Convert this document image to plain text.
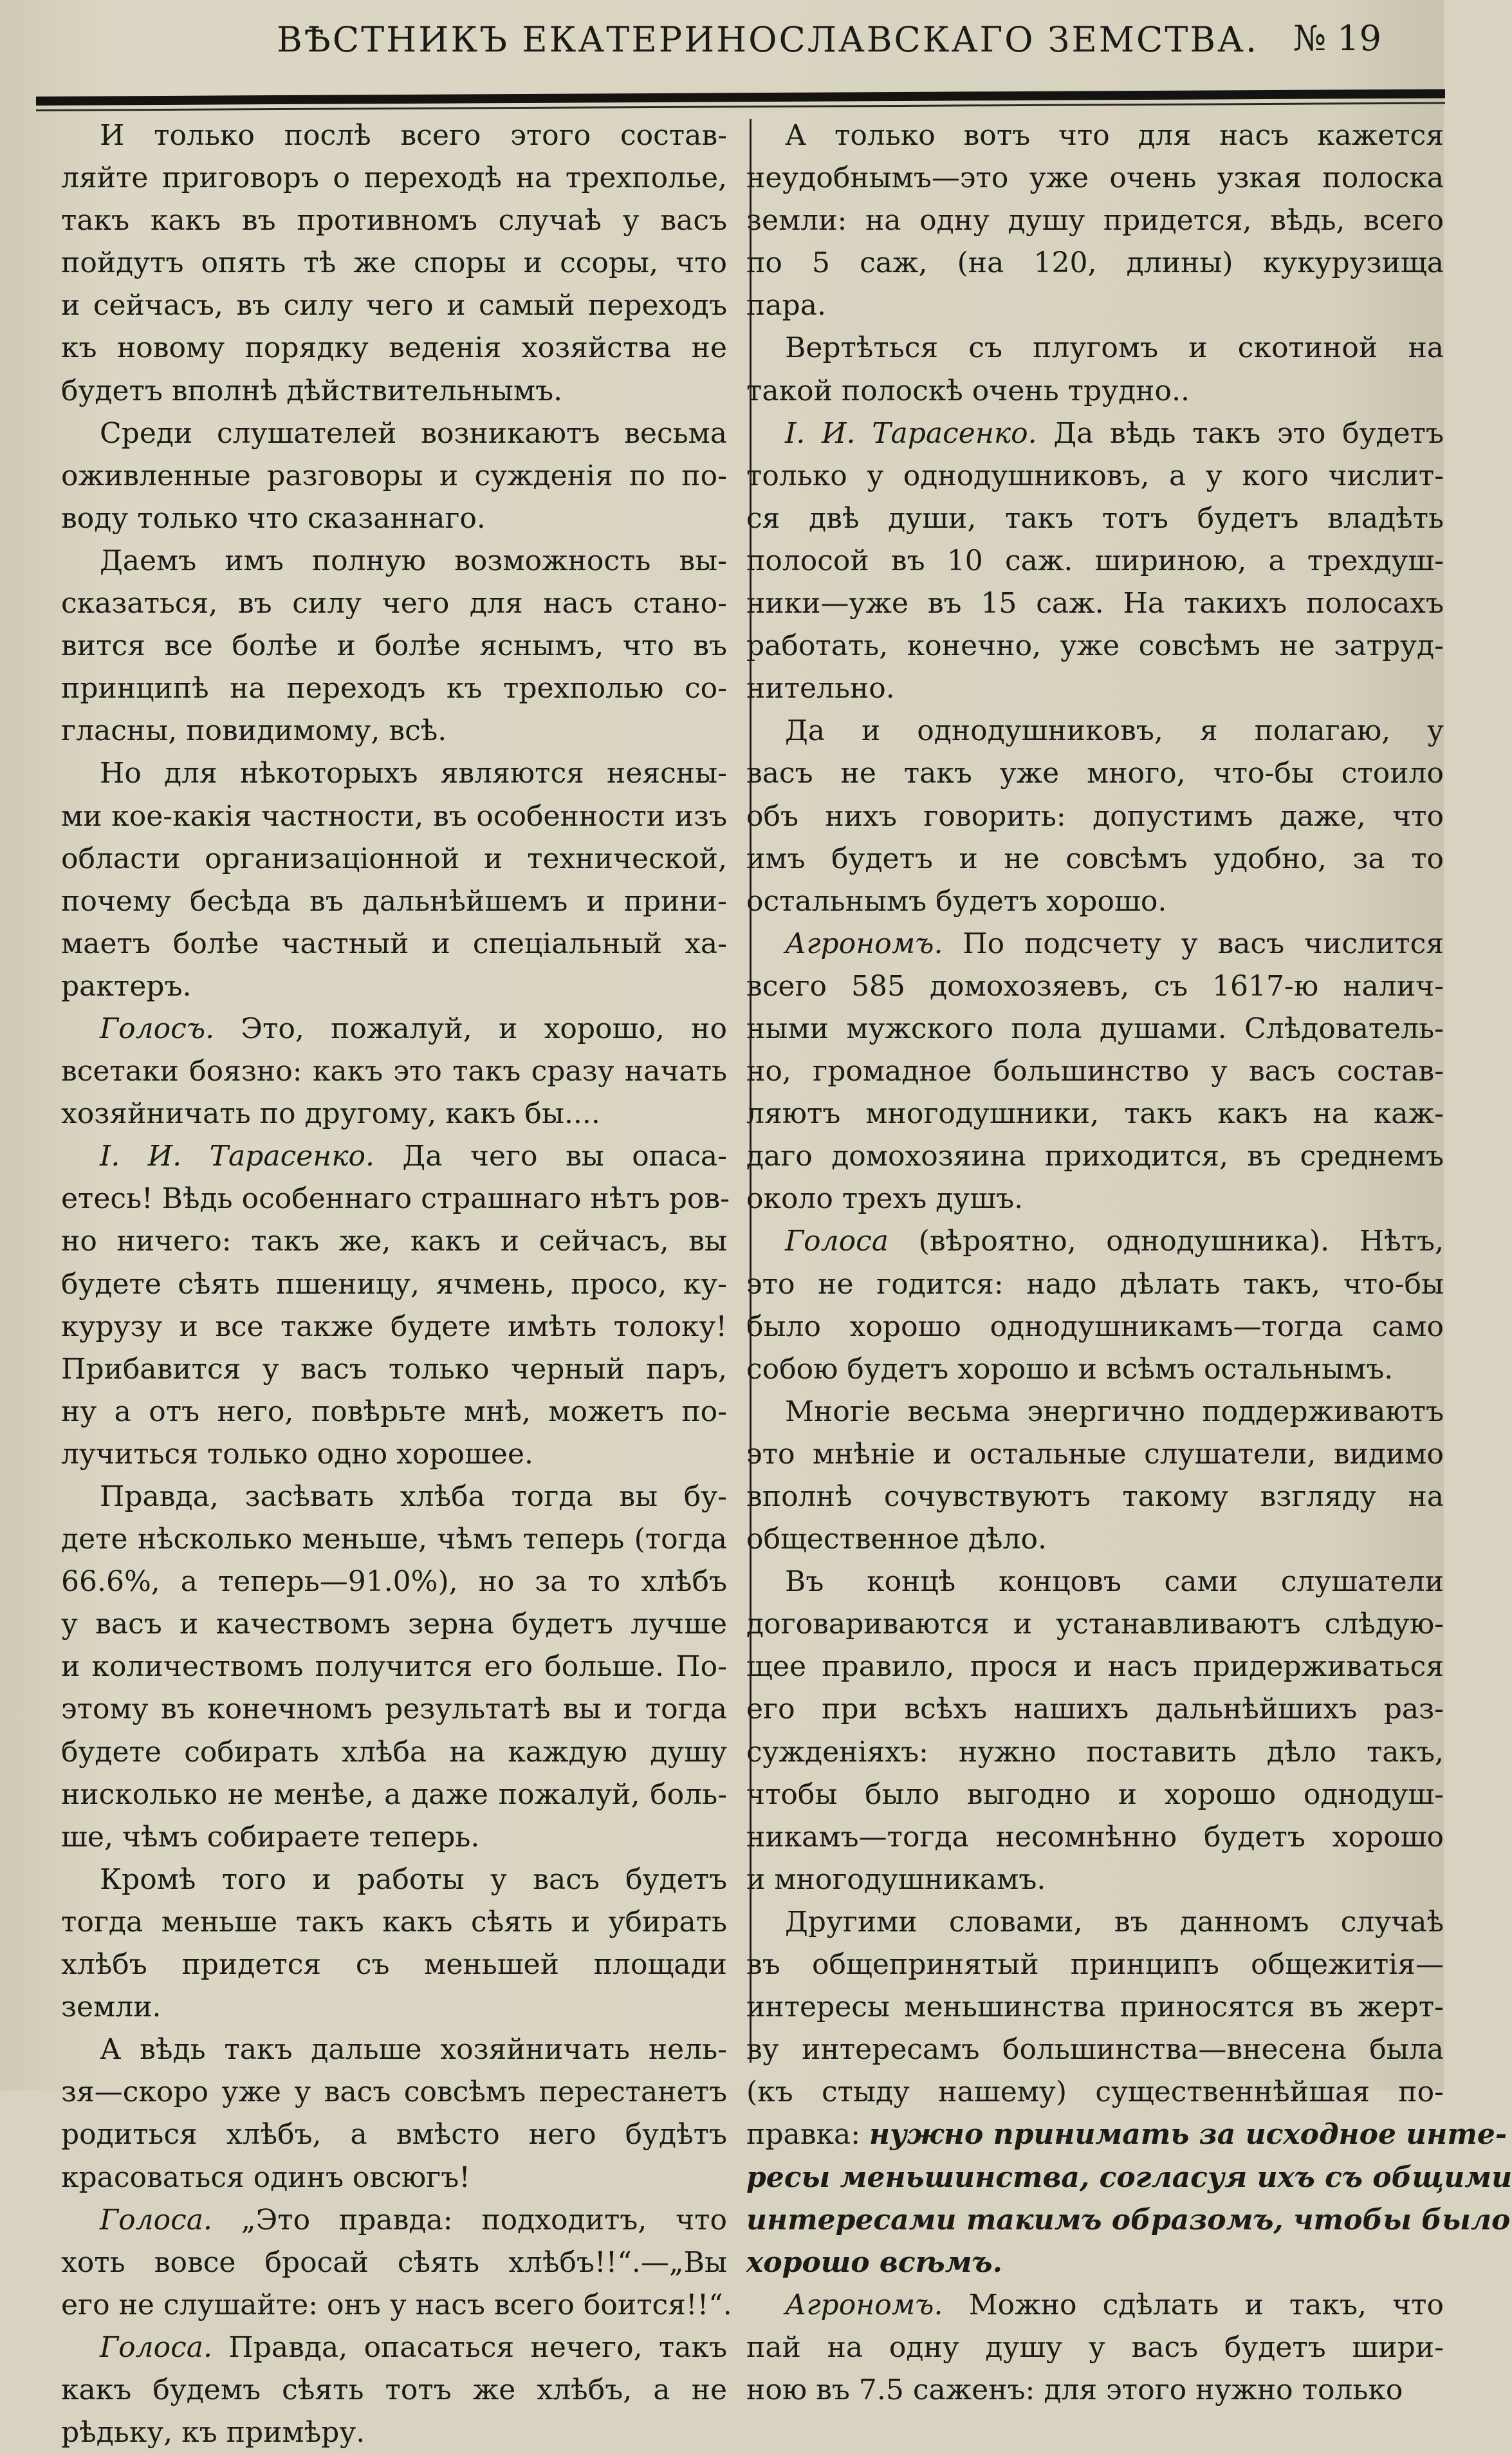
ВѢСТНИКЪ ЕКАТЕРИНОСЛАВСКАГО ЗЕМСТВА. № 19
И только послѣ всего этого состав-
ляйте приговоръ о переходѣ на трехполье,
такъ какъ въ противномъ случаѣ у васъ
пойдутъ опять тѣ же споры и ссоры, что
и сейчасъ, въ силу чего и самый переходъ
къ новому порядку веденія хозяйства не
будетъ вполнѣ дѣйствительнымъ.
Среди слушателей возникаютъ весьма
оживленные разговоры и сужденія по по-
воду только что сказаннаго.
Даемъ имъ полную возможность вы-
сказаться, въ силу чего для насъ стано-
вится все болѣе и болѣе яснымъ, что въ
принципѣ на переходъ къ трехполью со-
гласны, повидимому, всѣ.
Но для нѣкоторыхъ являются неясны-
ми кое-какія частности, въ особенности изъ
области организаціонной и технической,
почему бесѣда въ дальнѣйшемъ и прини-
маетъ болѣе частный и спеціальный ха-
рактеръ.
Голосъ. Это, пожалуй, и хорошо, но
всетаки боязно: какъ это такъ сразу начать
хозяйничать по другому, какъ бы....
І. И. Тарасенко. Да чего вы опаса-
етесь! Вѣдь особеннаго страшнаго нѣтъ ров-
но ничего: такъ же, какъ и сейчасъ, вы
будете сѣять пшеницу, ячмень, просо, ку-
курузу и все также будете имѣть толоку!
Прибавится у васъ только черный паръ,
ну а отъ него, повѣрьте мнѣ, можетъ по-
лучиться только одно хорошее.
Правда, засѣвать хлѣба тогда вы бу-
дете нѣсколько меньше, чѣмъ теперь (тогда
66.6%, а теперь—91.0%), но за то хлѣбъ
у васъ и качествомъ зерна будетъ лучше
и количествомъ получится его больше. По-
этому въ конечномъ результатѣ вы и тогда
будете собирать хлѣба на каждую душу
нисколько не менѣе, а даже пожалуй, боль-
ше, чѣмъ собираете теперь.
Кромѣ того и работы у васъ будетъ
тогда меньше такъ какъ сѣять и убирать
хлѣбъ придется съ меньшей площади
земли.
А вѣдь такъ дальше хозяйничать нель-
зя—скоро уже у васъ совсѣмъ перестанетъ
родиться хлѣбъ, а вмѣсто него будѣтъ
красоваться одинъ овсюгъ!
Голоса. „Это правда: подходитъ, что
хоть вовсе бросай сѣять хлѣбъ!!“.—„Вы
его не слушайте: онъ у насъ всего боится!!“.
Голоса. Правда, опасаться нечего, такъ
какъ будемъ сѣять тотъ же хлѣбъ, а не
рѣдьку, къ примѣру.
А только вотъ что для насъ кажется
неудобнымъ—это уже очень узкая полоска
земли: на одну душу придется, вѣдь, всего
по 5 саж, (на 120, длины) кукурузища
пара.
Вертѣться съ плугомъ и скотиной на
такой полоскѣ очень трудно..
І. И. Тарасенко. Да вѣдь такъ это будетъ
только у однодушниковъ, а у кого числит-
ся двѣ души, такъ тотъ будетъ владѣть
полосой въ 10 саж. шириною, а трехдуш-
ники—уже въ 15 саж. На такихъ полосахъ
работать, конечно, уже совсѣмъ не затруд-
нительно.
Да и однодушниковъ, я полагаю, у
васъ не такъ уже много, что-бы стоило
объ нихъ говорить: допустимъ даже, что
имъ будетъ и не совсѣмъ удобно, за то
остальнымъ будетъ хорошо.
Агрономъ. По подсчету у васъ числится
всего 585 домохозяевъ, съ 1617-ю налич-
ными мужского пола душами. Слѣдователь-
но, громадное большинство у васъ состав-
ляютъ многодушники, такъ какъ на каж-
даго домохозяина приходится, въ среднемъ
около трехъ душъ.
Голоса (вѣроятно, однодушника). Нѣтъ,
это не годится: надо дѣлать такъ, что-бы
было хорошо однодушникамъ—тогда само
собою будетъ хорошо и всѣмъ остальнымъ.
Многіе весьма энергично поддерживаютъ
это мнѣніе и остальные слушатели, видимо
вполнѣ сочувствуютъ такому взгляду на
общественное дѣло.
Въ концѣ концовъ сами слушатели
договариваются и устанавливаютъ слѣдую-
щее правило, прося и насъ придерживаться
его при всѣхъ нашихъ дальнѣйшихъ раз-
сужденіяхъ: нужно поставить дѣло такъ,
чтобы было выгодно и хорошо однодуш-
никамъ—тогда несомнѣнно будетъ хорошо
и многодушникамъ.
Другими словами, въ данномъ случаѣ
въ общепринятый принципъ общежитія—
интересы меньшинства приносятся въ жерт-
ву интересамъ большинства—внесена была
(къ стыду нашему) существеннѣйшая по-
правка: нужно принимать за исходное инте-
ресы меньшинства, согласуя ихъ съ общими
интересами такимъ образомъ, чтобы было
хорошо всѣмъ.
Агрономъ. Можно сдѣлать и такъ, что
пай на одну душу у васъ будетъ шири-
ною въ 7.5 саженъ: для этого нужно только
